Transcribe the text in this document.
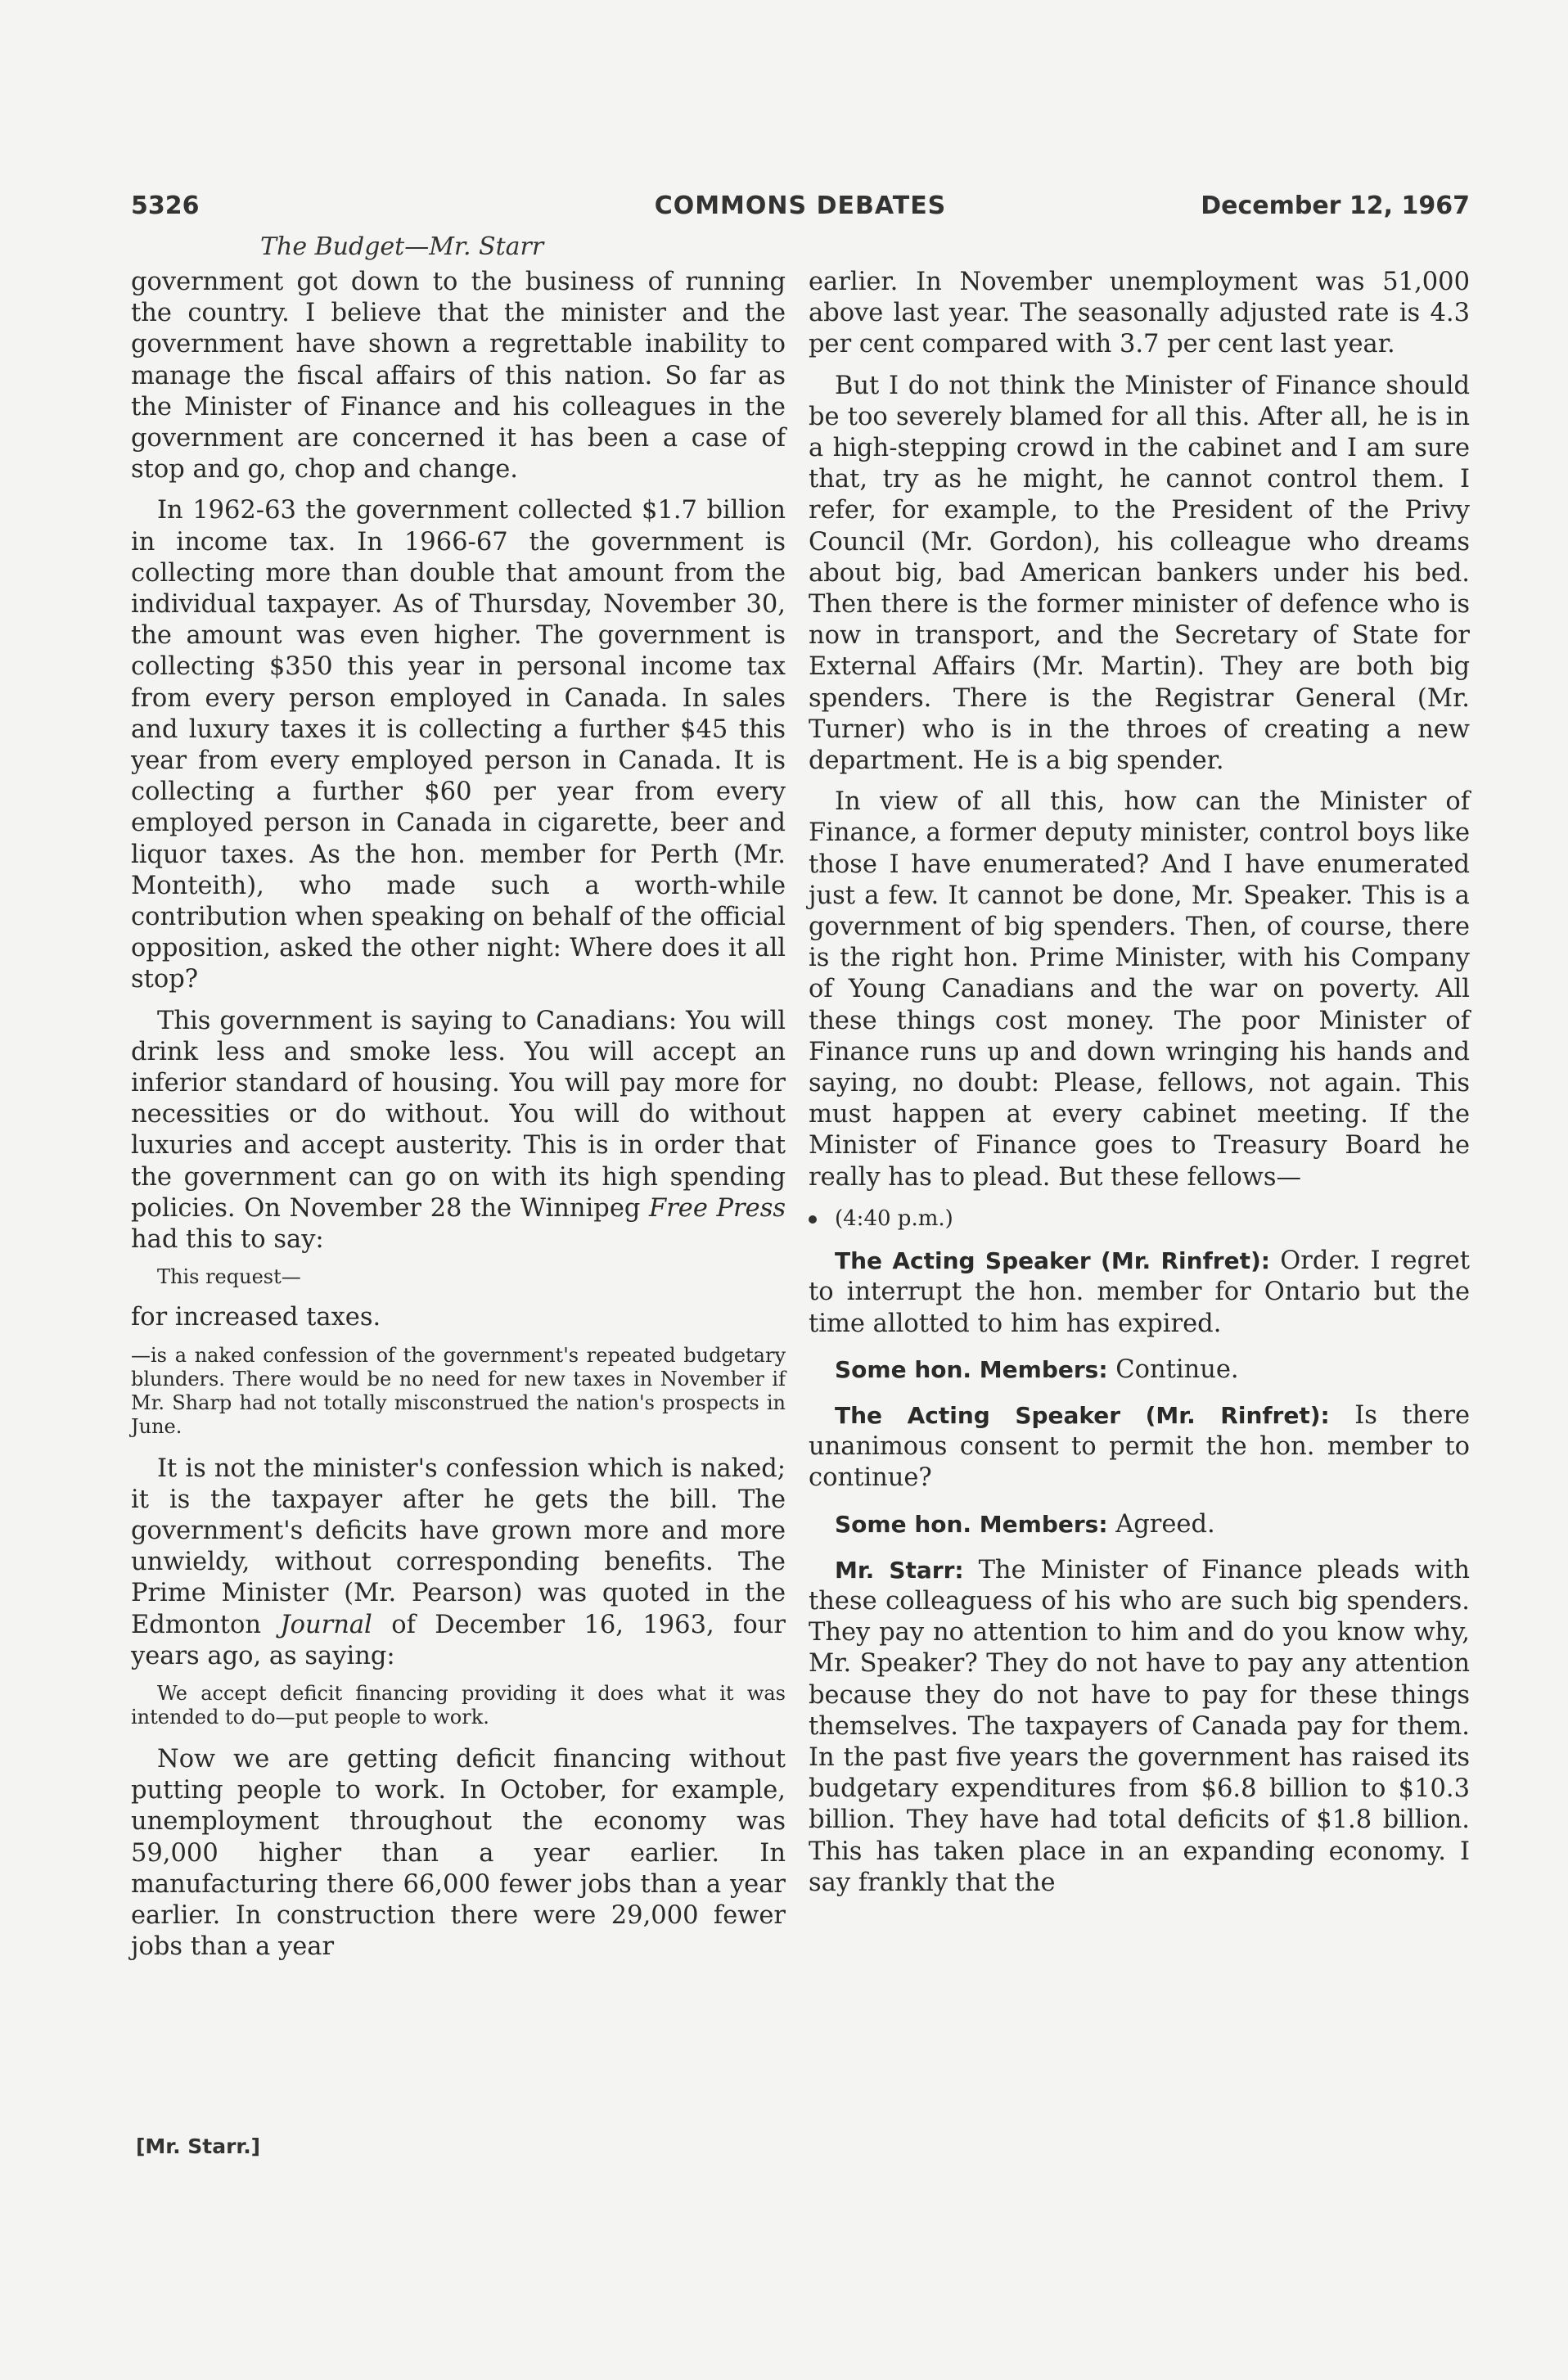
5326	COMMONS DEBATES	December 12, 1967
The Budget—Mr. Starr

government got down to the business of running the country. I believe that the minister and the government have shown a regrettable inability to manage the fiscal affairs of this nation. So far as the Minister of Finance and his colleagues in the government are concerned it has been a case of stop and go, chop and change.

In 1962-63 the government collected $1.7 billion in income tax. In 1966-67 the government is collecting more than double that amount from the individual taxpayer. As of Thursday, November 30, the amount was even higher. The government is collecting $350 this year in personal income tax from every person employed in Canada. In sales and luxury taxes it is collecting a further $45 this year from every employed person in Canada. It is collecting a further $60 per year from every employed person in Canada in cigarette, beer and liquor taxes. As the hon. member for Perth (Mr. Monteith), who made such a worth-while contribution when speaking on behalf of the official opposition, asked the other night: Where does it all stop?

This government is saying to Canadians: You will drink less and smoke less. You will accept an inferior standard of housing. You will pay more for necessities or do without. You will do without luxuries and accept austerity. This is in order that the government can go on with its high spending policies. On November 28 the Winnipeg Free Press had this to say:

This request—

for increased taxes.

—is a naked confession of the government's repeated budgetary blunders. There would be no need for new taxes in November if Mr. Sharp had not totally misconstrued the nation's prospects in June.

It is not the minister's confession which is naked; it is the taxpayer after he gets the bill. The government's deficits have grown more and more unwieldy, without corresponding benefits. The Prime Minister (Mr. Pearson) was quoted in the Edmonton Journal of December 16, 1963, four years ago, as saying:

We accept deficit financing providing it does what it was intended to do—put people to work.

Now we are getting deficit financing without putting people to work. In October, for example, unemployment throughout the economy was 59,000 higher than a year earlier. In manufacturing there 66,000 fewer jobs than a year earlier. In construction there were 29,000 fewer jobs than a year

earlier. In November unemployment was 51,000 above last year. The seasonally adjusted rate is 4.3 per cent compared with 3.7 per cent last year.

But I do not think the Minister of Finance should be too severely blamed for all this. After all, he is in a high-stepping crowd in the cabinet and I am sure that, try as he might, he cannot control them. I refer, for example, to the President of the Privy Council (Mr. Gordon), his colleague who dreams about big, bad American bankers under his bed. Then there is the former minister of defence who is now in transport, and the Secretary of State for External Affairs (Mr. Martin). They are both big spenders. There is the Registrar General (Mr. Turner) who is in the throes of creating a new department. He is a big spender.

In view of all this, how can the Minister of Finance, a former deputy minister, control boys like those I have enumerated? And I have enumerated just a few. It cannot be done, Mr. Speaker. This is a government of big spenders. Then, of course, there is the right hon. Prime Minister, with his Company of Young Canadians and the war on poverty. All these things cost money. The poor Minister of Finance runs up and down wringing his hands and saying, no doubt: Please, fellows, not again. This must happen at every cabinet meeting. If the Minister of Finance goes to Treasury Board he really has to plead. But these fellows—

(4:40 p.m.)

The Acting Speaker (Mr. Rinfret): Order. I regret to interrupt the hon. member for Ontario but the time allotted to him has expired.

Some hon. Members: Continue.

The Acting Speaker (Mr. Rinfret): Is there unanimous consent to permit the hon. member to continue?

Some hon. Members: Agreed.

Mr. Starr: The Minister of Finance pleads with these colleaguess of his who are such big spenders. They pay no attention to him and do you know why, Mr. Speaker? They do not have to pay any attention because they do not have to pay for these things themselves. The taxpayers of Canada pay for them. In the past five years the government has raised its budgetary expenditures from $6.8 billion to $10.3 billion. They have had total deficits of $1.8 billion. This has taken place in an expanding economy. I say frankly that the

[Mr. Starr.]
